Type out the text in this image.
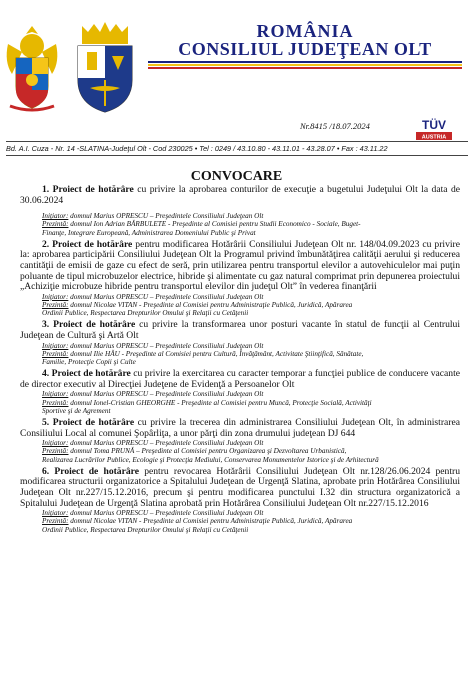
ROMÂNIA
CONSILIUL JUDEŢEAN OLT
Nr.8415 /18.07.2024	TÜV
AUSTRIA
Bd. A.I. Cuza - Nr. 14 -SLATINA-Judeţul Olt - Cod 230025 • Tel : 0249 / 43.10.80 - 43.11.01 - 43.28.07 • Fax : 43.11.22
CONVOCARE
1. Proiect de hotărâre cu privire la aprobarea conturilor de execuţie a bugetului Judeţului Olt la data de 30.06.2024
Iniţiator: domnul Marius OPRESCU – Preşedintele Consiliului Judeţean Olt
Prezintă: domnul Ion Adrian BĂRBULETE - Preşedinte al Comisiei pentru Studii Economico - Sociale, Buget-
Finanţe, Integrare Europeană, Administrarea Domeniului Public şi Privat
2. Proiect de hotărâre pentru modificarea Hotărârii Consiliului Judeţean Olt nr. 148/04.09.2023 cu privire la: aprobarea participării Consiliului Judeţean Olt la Programul privind îmbunătăţirea calităţii aerului şi reducerea cantităţii de emisii de gaze cu efect de seră, prin utilizarea pentru transportul elevilor a autovehiculelor mai puţin poluante de tipul microbuzelor electrice, hibride şi alimentate cu gaz natural comprimat prin depunerea proiectului „Achiziţie microbuze hibride pentru transportul elevilor din judeţul Olt” în vederea finanţării
Iniţiator: domnul Marius OPRESCU – Preşedintele Consiliului Judeţean Olt
Prezintă: domnul Nicolae VITAN - Preşedinte al Comisiei pentru Administraţie Publică, Juridică, Apărarea
Ordinii Publice, Respectarea Drepturilor Omului şi Relaţii cu Cetăţenii
3. Proiect de hotărâre cu privire la transformarea unor posturi vacante în statul de funcţii al Centrului Judeţean de Cultură şi Artă Olt
Iniţiator: domnul Marius OPRESCU – Preşedintele Consiliului Judeţean Olt
Prezintă: domnul Ilie HĂU - Preşedinte al Comisiei pentru Cultură, Învăţământ, Activitate Ştiinţifică, Sănătate,
Familie, Protecţie Copii şi Culte
4. Proiect de hotărâre cu privire la exercitarea cu caracter temporar a funcţiei publice de conducere vacante de director executiv al Direcţiei Judeţene de Evidenţă a Persoanelor Olt
Iniţiator: domnul Marius OPRESCU – Preşedintele Consiliului Judeţean Olt
Prezintă: domnul Ionel-Cristian GHEORGHE - Preşedinte al Comisiei pentru Muncă, Protecţie Socială, Activităţi
Sportive şi de Agrement
5. Proiect de hotărâre cu privire la trecerea din administrarea Consiliului Judeţean Olt, în administrarea Consiliului Local al comunei Şopârliţa, a unor părţi din zona drumului judeţean DJ 644
Iniţiator: domnul Marius OPRESCU – Preşedintele Consiliului Judeţean Olt
Prezintă: domnul Toma PRUNĂ – Preşedinte al Comisiei pentru Organizarea şi Dezvoltarea Urbanistică,
Realizarea Lucrărilor Publice, Ecologie şi Protecţia Mediului, Conservarea Monumentelor Istorice şi de Arhitectură
6. Proiect de hotărâre pentru revocarea Hotărârii Consiliului Judeţean Olt nr.128/26.06.2024 pentru modificarea structurii organizatorice a Spitalului Judeţean de Urgenţă Slatina, aprobate prin Hotărârea Consiliului Judeţean Olt nr.227/15.12.2016, precum şi pentru modificarea punctului I.32 din structura organizatorică a Spitalului Judeţean de Urgenţă Slatina aprobată prin Hotărârea Consiliului Judeţean Olt nr.227/15.12.2016
Iniţiator: domnul Marius OPRESCU – Preşedintele Consiliului Judeţean Olt
Prezintă: domnul Nicolae VITAN - Preşedinte al Comisiei pentru Administraţie Publică, Juridică, Apărarea
Ordinii Publice, Respectarea Drepturilor Omului şi Relaţii cu Cetăţenii
